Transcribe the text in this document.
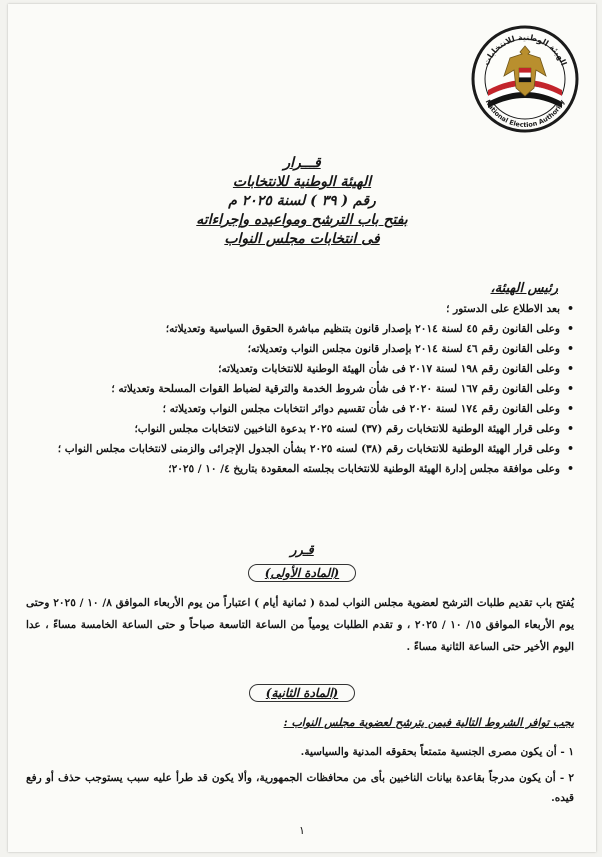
الهيئة الوطنية للانتخابات
National Election Authority
قـــرار
الهيئة الوطنية للانتخابات
رقم ( ٣٩ ) لسنة ٢٠٢٥ م
بفتح باب الترشح ومواعيده وإجراءاته
فى انتخابات مجلس النواب
رئيس الهيئة،
•
بعد الاطلاع على الدستور ؛
•
وعلى القانون رقم ٤٥ لسنة ٢٠١٤ بإصدار قانون بتنظيم مباشرة الحقوق السياسية وتعديلاته؛
•
وعلى القانون رقم ٤٦ لسنة ٢٠١٤ بإصدار قانون مجلس النواب وتعديلاته؛
•
وعلى القانون رقم ١٩٨ لسنة ٢٠١٧ فى شأن الهيئة الوطنية للانتخابات وتعديلاته؛
•
وعلى القانون رقم ١٦٧ لسنة ٢٠٢٠ فى شأن شروط الخدمة والترقية لضباط القوات المسلحة وتعديلاته ؛
•
وعلى القانون رقم ١٧٤ لسنة ٢٠٢٠ فى شأن تقسيم دوائر انتخابات مجلس النواب وتعديلاته ؛
•
وعلى قرار الهيئة الوطنية للانتخابات رقم (٣٧) لسنه ٢٠٢٥ بدعوة الناخبين لانتخابات مجلس النواب؛
•
وعلى قرار الهيئة الوطنية للانتخابات رقم (٣٨) لسنه ٢٠٢٥ بشأن الجدول الإجرائى والزمنى لانتخابات مجلس النواب ؛
•
وعلى موافقة مجلس إدارة الهيئة الوطنية للانتخابات بجلسته المعقودة بتاريخ ٤/ ١٠ / ٢٠٢٥؛
قـرر
(المادة الأولى)
يُفتح باب تقديم طلبات الترشح لعضوية مجلس النواب لمدة ( ثمانية أيام ) اعتباراً من يوم الأربعاء الموافق ٨/ ١٠ / ٢٠٢٥ وحتى يوم الأربعاء الموافق ١٥/ ١٠ / ٢٠٢٥ ، و تقدم الطلبات يومياً من الساعة التاسعة صباحاً و حتى الساعة الخامسة مساءً ، عدا اليوم الأخير حتى الساعة الثانية مساءً .
(المادة الثانية)
يجب توافر الشروط التالية فيمن يترشح لعضوية مجلس النواب :
١ - أن يكون مصرى الجنسية متمتعاً بحقوقه المدنية والسياسية.
٢ - أن يكون مدرجاً بقاعدة بيانات الناخبين بأى من محافظات الجمهورية، وألا يكون قد طرأ عليه سبب يستوجب حذف أو رفع قيده.
١
